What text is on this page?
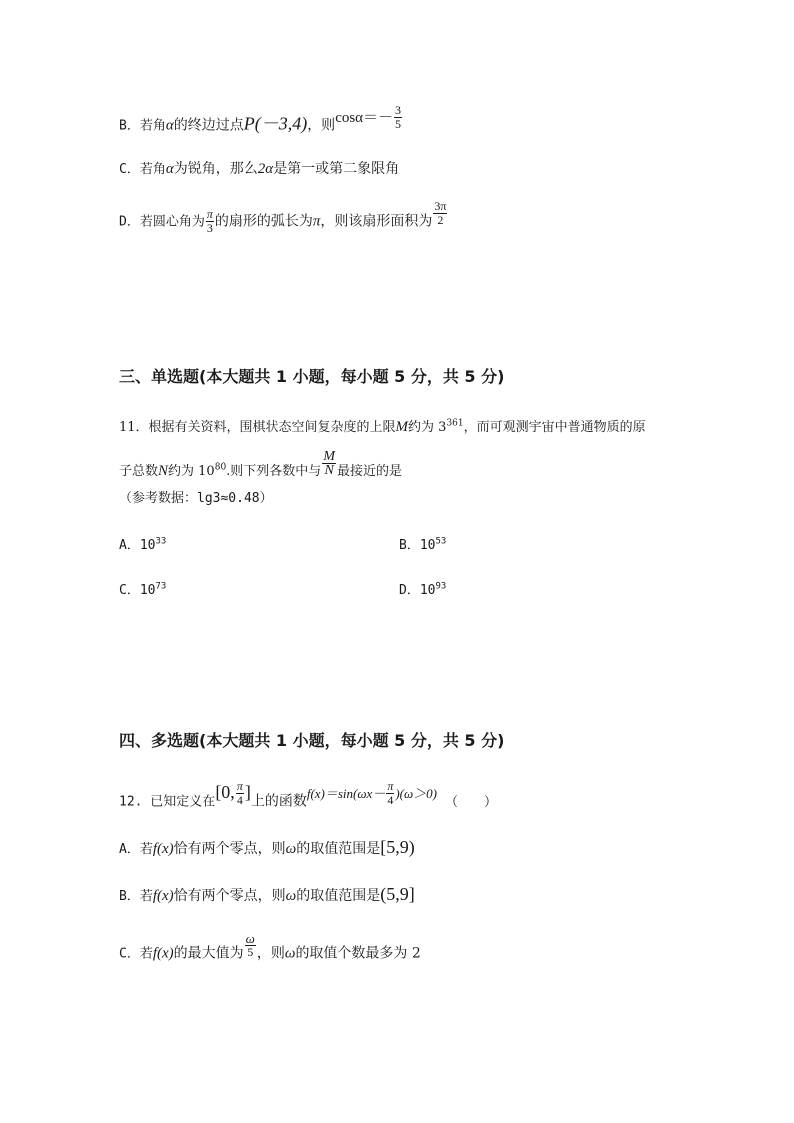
B．若角α的终边过点P(－3,4)，则$\cos\alpha=- \frac{3}{5}$
C．若角α为锐角，那么2α是第一或第二象限角
D．若圆心角为 $\frac{\pi}{3}$ 的扇形的弧长为π，则该扇形面积为 $\frac{3\pi}{2}$
三、单选题(本大题共 1 小题，每小题 5 分，共 5 分)
11．根据有关资料，围棋状态空间复杂度的上限M约为 $3^{361}$，而可观测宇宙中普通物质的原
子总数N约为 $10^{80}$.则下列各数中与 $\frac{M}{N}$ 最接近的是
（参考数据：lg3≈0.48）
A．$10^{33}$	B．$10^{53}$
C．$10^{73}$	D．$10^{93}$
四、多选题(本大题共 1 小题，每小题 5 分，共 5 分)
12. 已知定义在[0, $\frac{\pi}{4}$ ]上的函数$f(x)=\sin(\omega x- \frac{\pi}{4} )(\omega>0)$（　　）
A．若f(x)恰有两个零点，则ω的取值范围是[5,9)
B．若f(x)恰有两个零点，则ω的取值范围是(5,9]
C．若f(x)的最大值为 $\frac{\omega}{5}$ ，则ω的取值个数最多为 2
